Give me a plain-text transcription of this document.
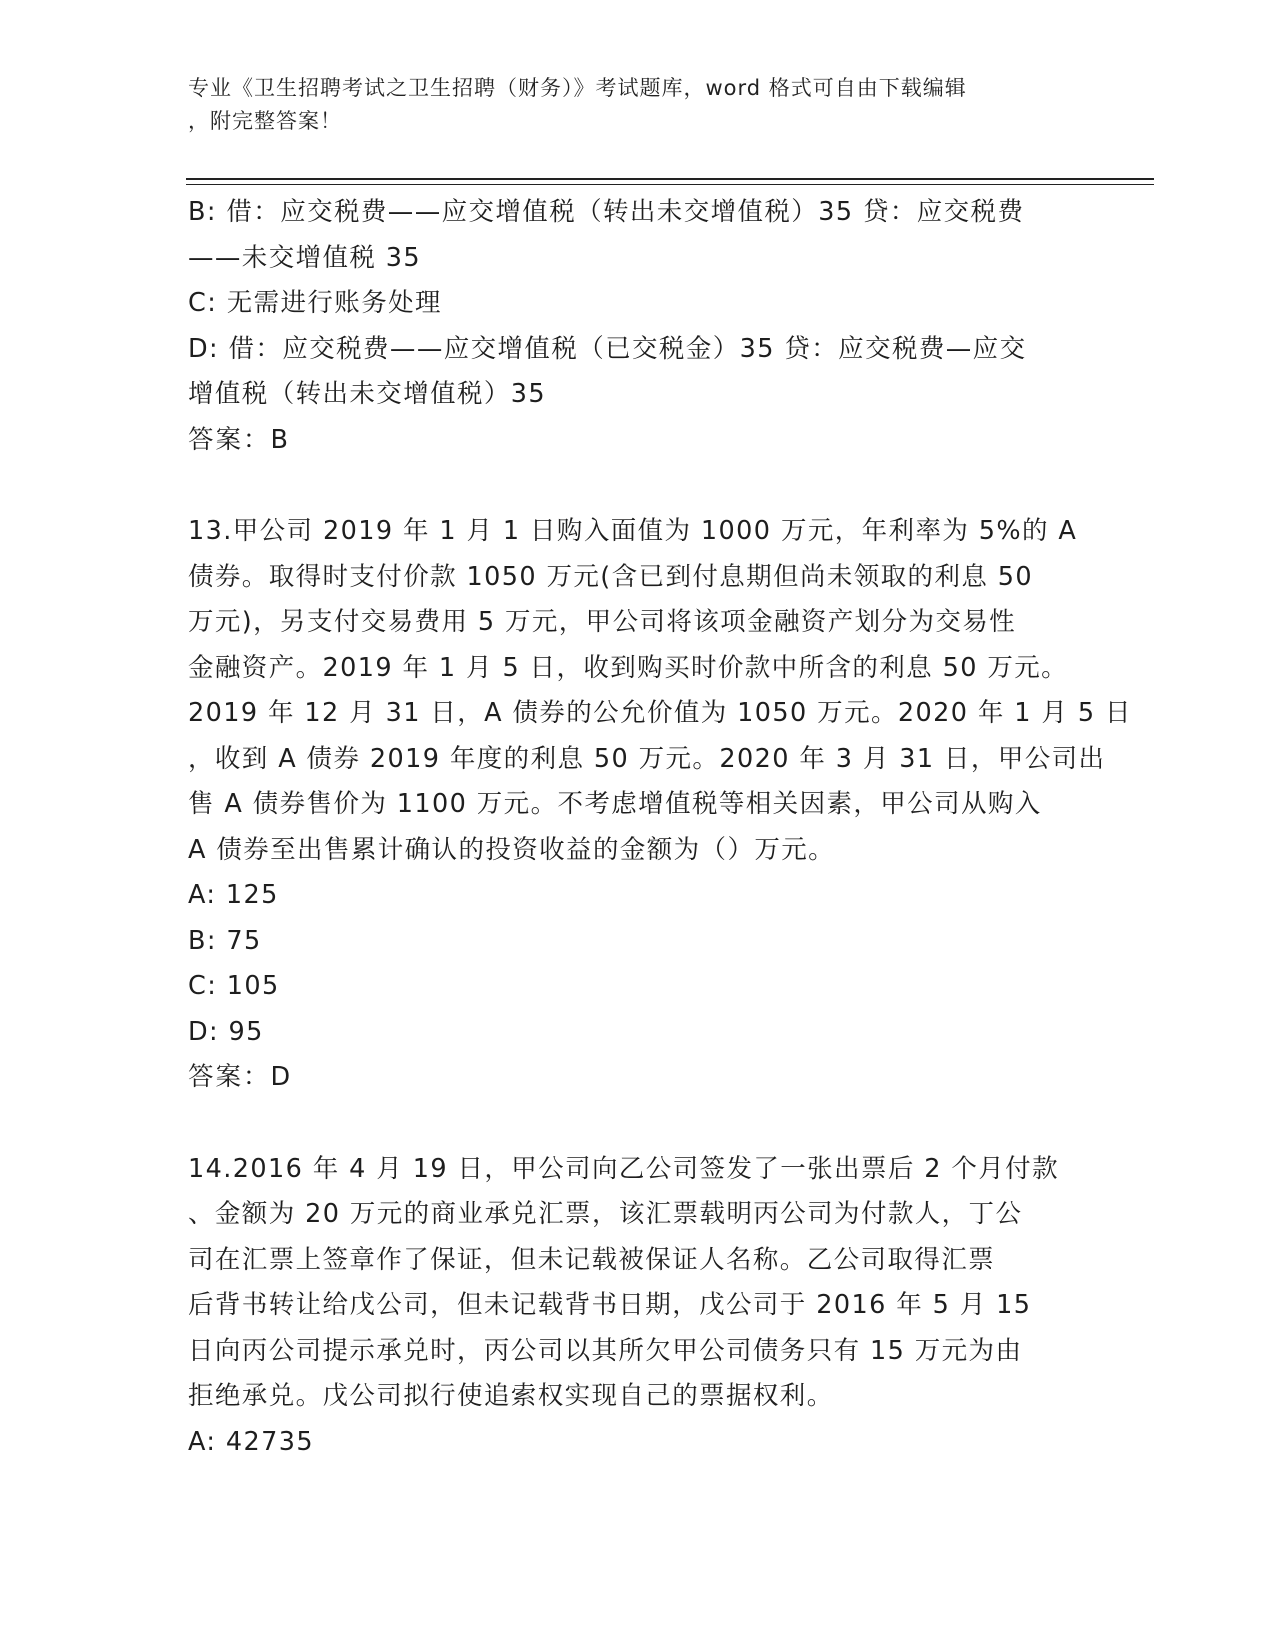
专业《卫生招聘考试之卫生招聘（财务）》考试题库，word 格式可自由下载编辑
，附完整答案！
B: 借：应交税费——应交增值税（转出未交增值税）35 贷：应交税费
——未交增值税 35
C: 无需进行账务处理
D: 借：应交税费——应交增值税（已交税金）35 贷：应交税费—应交
增值税（转出未交增值税）35
答案：B
13.甲公司 2019 年 1 月 1 日购入面值为 1000 万元，年利率为 5%的 A
债券。取得时支付价款 1050 万元(含已到付息期但尚未领取的利息 50
万元)，另支付交易费用 5 万元，甲公司将该项金融资产划分为交易性
金融资产。2019 年 1 月 5 日，收到购买时价款中所含的利息 50 万元。
2019 年 12 月 31 日，A 债券的公允价值为 1050 万元。2020 年 1 月 5 日
，收到 A 债券 2019 年度的利息 50 万元。2020 年 3 月 31 日，甲公司出
售 A 债券售价为 1100 万元。不考虑增值税等相关因素，甲公司从购入
A 债券至出售累计确认的投资收益的金额为（）万元。
A: 125
B: 75
C: 105
D: 95
答案：D
14.2016 年 4 月 19 日，甲公司向乙公司签发了一张出票后 2 个月付款
、金额为 20 万元的商业承兑汇票，该汇票载明丙公司为付款人，丁公
司在汇票上签章作了保证，但未记载被保证人名称。乙公司取得汇票
后背书转让给戊公司，但未记载背书日期，戊公司于 2016 年 5 月 15
日向丙公司提示承兑时，丙公司以其所欠甲公司债务只有 15 万元为由
拒绝承兑。戊公司拟行使追索权实现自己的票据权利。
A: 42735
